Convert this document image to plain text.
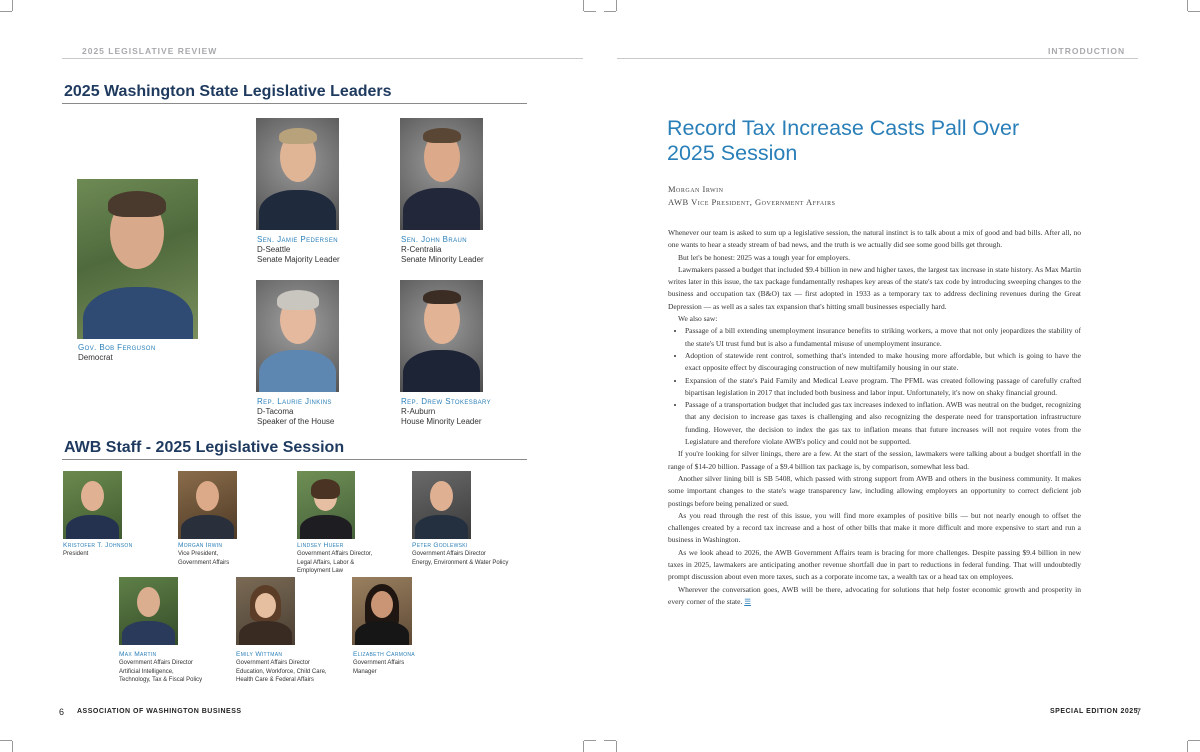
2025 LEGISLATIVE REVIEW
2025 Washington State Legislative Leaders
Gov. Bob Ferguson
Democrat
Sen. Jamie Pedersen
D-Seattle
Senate Majority Leader
Sen. John Braun
R-Centralia
Senate Minority Leader
Rep. Laurie Jinkins
D-Tacoma
Speaker of the House
Rep. Drew Stokesbary
R-Auburn
House Minority Leader
AWB Staff - 2025 Legislative Session
Kristofer T. Johnson
President
Morgan Irwin
Vice President,
Government Affairs
Lindsey Hueer
Government Affairs Director,
Legal Affairs, Labor &
Employment Law
Peter Godlewski
Government Affairs Director
Energy, Environment & Water Policy
Max Martin
Government Affairs Director
Artificial Intelligence,
Technology, Tax & Fiscal Policy
Emily Wittman
Government Affairs Director
Education, Workforce, Child Care,
Health Care & Federal Affairs
Elizabeth Carmona
Government Affairs
Manager
6 ASSOCIATION OF WASHINGTON BUSINESS
INTRODUCTION
Record Tax Increase Casts Pall Over
2025 Session
Morgan Irwin
AWB Vice President, Government Affairs

Whenever our team is asked to sum up a legislative session, the natural instinct is to talk about a mix of good and bad bills. After all, no one wants to hear a steady stream of bad news, and the truth is we actually did see some good bills get through.

But let's be honest: 2025 was a tough year for employers.

Lawmakers passed a budget that included $9.4 billion in new and higher taxes, the largest tax increase in state history. As Max Martin writes later in this issue, the tax package fundamentally reshapes key areas of the state's tax code by introducing sweeping changes to the business and occupation tax (B&O) tax — first adopted in 1933 as a temporary tax to address declining revenues during the Great Depression — as well as a sales tax expansion that's hitting small businesses especially hard.

We also saw:

• Passage of a bill extending unemployment insurance benefits to striking workers, a move that not only jeopardizes the stability of the state's UI trust fund but is also a fundamental misuse of unemployment insurance.
• Adoption of statewide rent control, something that's intended to make housing more affordable, but which is going to have the exact opposite effect by discouraging construction of new multifamily housing in our state.
• Expansion of the state's Paid Family and Medical Leave program. The PFML was created following passage of carefully crafted bipartisan legislation in 2017 that included both business and labor input. Unfortunately, it's now on shaky financial ground.
• Passage of a transportation budget that included gas tax increases indexed to inflation. AWB was neutral on the budget, recognizing that any decision to increase gas taxes is challenging and also recognizing the desperate need for transportation infrastructure funding. However, the decision to index the gas tax to inflation means that future increases will not require votes from the Legislature and therefore violate AWB's policy and could not be supported.

If you're looking for silver linings, there are a few. At the start of the session, lawmakers were talking about a budget shortfall in the range of $14-20 billion. Passage of a $9.4 billion tax package is, by comparison, somewhat less bad.

Another silver lining bill is SB 5408, which passed with strong support from AWB and others in the business community. It makes some important changes to the state's wage transparency law, including allowing employers an opportunity to correct deficient job postings before being penalized or sued.

As you read through the rest of this issue, you will find more examples of positive bills — but not nearly enough to offset the challenges created by a record tax increase and a host of other bills that make it more difficult and more expensive to start and run a business in Washington.

As we look ahead to 2026, the AWB Government Affairs team is bracing for more challenges. Despite passing $9.4 billion in new taxes in 2025, lawmakers are anticipating another revenue shortfall due in part to reductions in federal funding. That will undoubtedly prompt discussion about even more taxes, such as a corporate income tax, a wealth tax or a head tax on employees.

Wherever the conversation goes, AWB will be there, advocating for solutions that help foster economic growth and prosperity in every corner of the state. ☰

SPECIAL EDITION 2025
7
